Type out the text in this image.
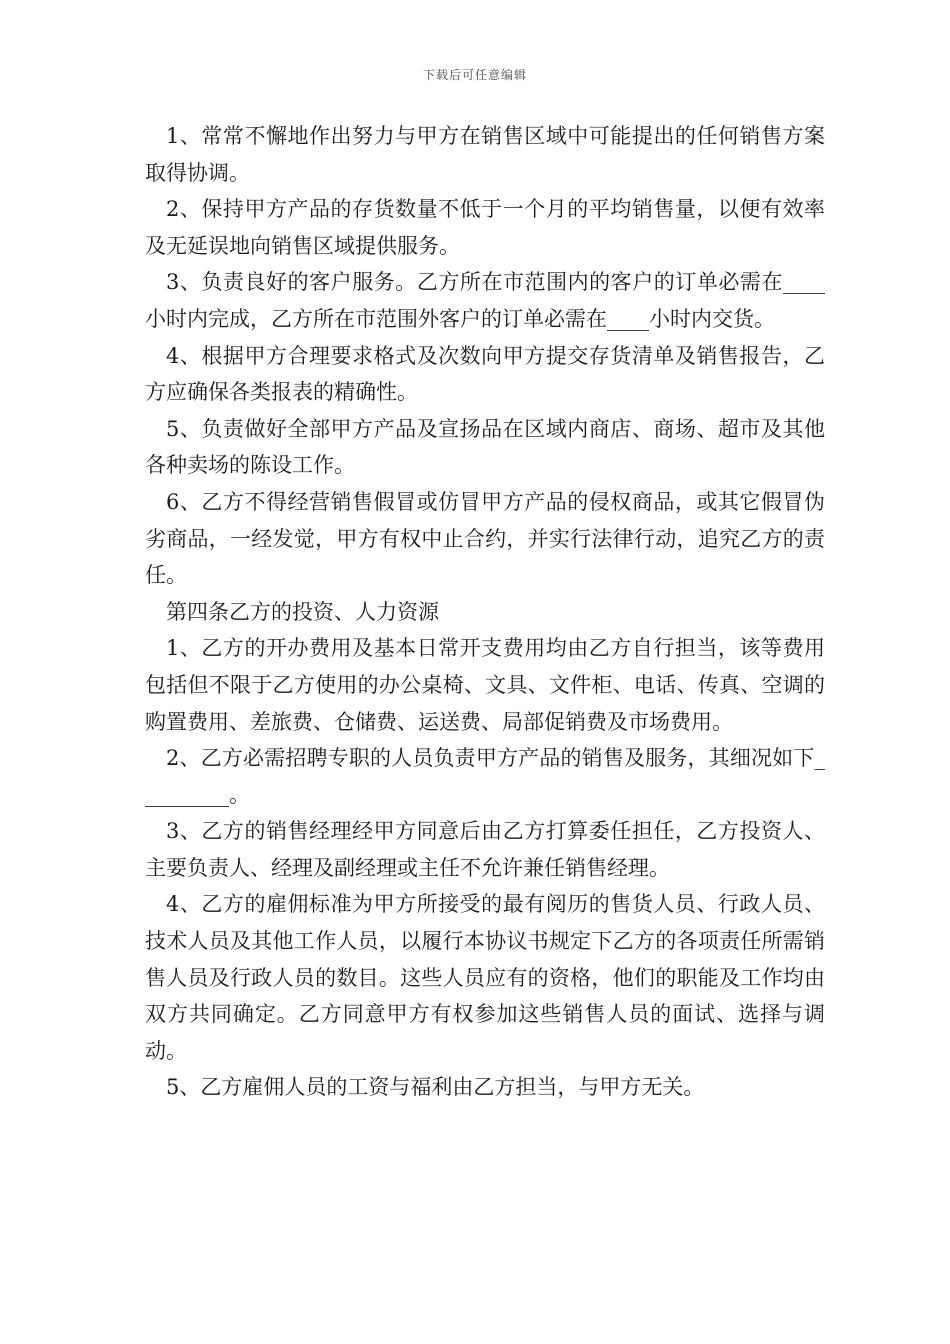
下载后可任意编辑

1、常常不懈地作出努力与甲方在销售区域中可能提出的任何销售方案取得协调。

2、保持甲方产品的存货数量不低于一个月的平均销售量，以便有效率及无延误地向销售区域提供服务。

3、负责良好的客户服务。乙方所在市范围内的客户的订单必需在____小时内完成，乙方所在市范围外客户的订单必需在____小时内交货。

4、根据甲方合理要求格式及次数向甲方提交存货清单及销售报告，乙方应确保各类报表的精确性。

5、负责做好全部甲方产品及宣扬品在区域内商店、商场、超市及其他各种卖场的陈设工作。

6、乙方不得经营销售假冒或仿冒甲方产品的侵权商品，或其它假冒伪劣商品，一经发觉，甲方有权中止合约，并实行法律行动，追究乙方的责任。

第四条乙方的投资、人力资源

1、乙方的开办费用及基本日常开支费用均由乙方自行担当，该等费用包括但不限于乙方使用的办公桌椅、文具、文件柜、电话、传真、空调的购置费用、差旅费、仓储费、运送费、局部促销费及市场费用。

2、乙方必需招聘专职的人员负责甲方产品的销售及服务，其细况如下_________。

3、乙方的销售经理经甲方同意后由乙方打算委任担任，乙方投资人、主要负责人、经理及副经理或主任不允许兼任销售经理。

4、乙方的雇佣标准为甲方所接受的最有阅历的售货人员、行政人员、技术人员及其他工作人员，以履行本协议书规定下乙方的各项责任所需销售人员及行政人员的数目。这些人员应有的资格，他们的职能及工作均由双方共同确定。乙方同意甲方有权参加这些销售人员的面试、选择与调动。

5、乙方雇佣人员的工资与福利由乙方担当，与甲方无关。
